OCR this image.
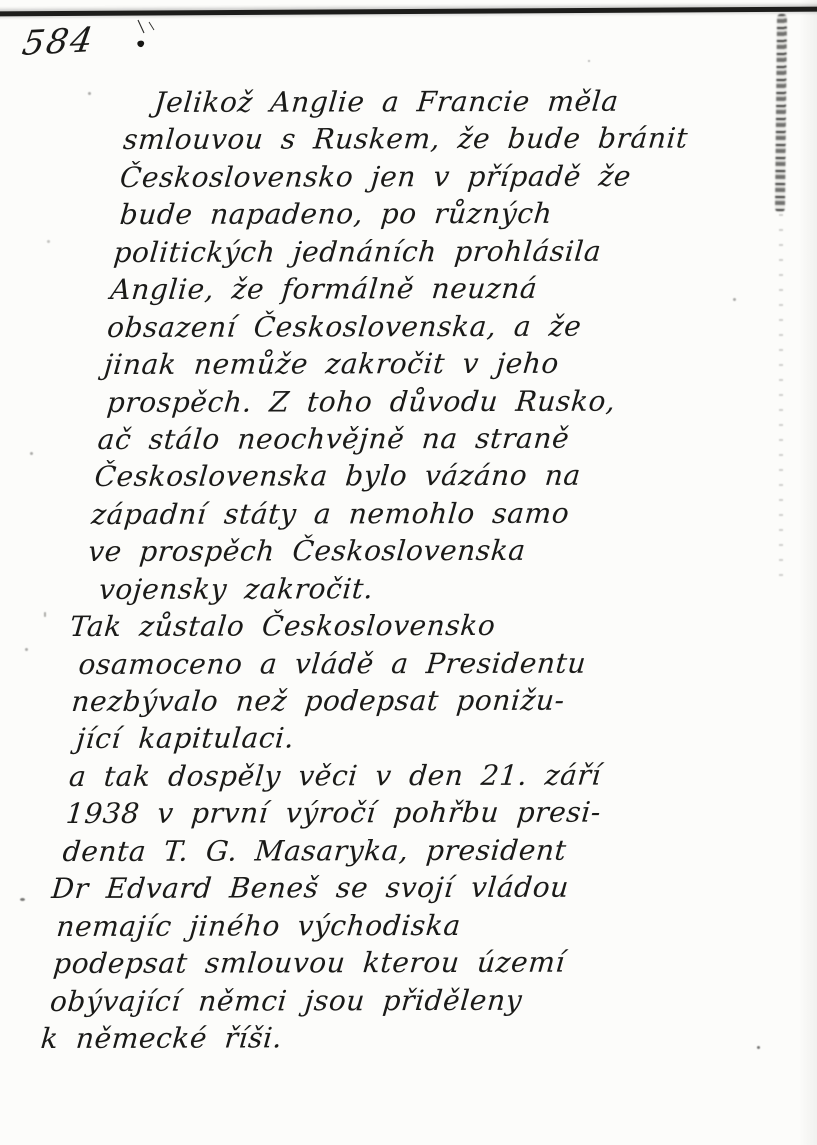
584
Jelikož Anglie a Francie měla
smlouvou s Ruskem, že bude bránit
Československo jen v případě že
bude napadeno, po různých
politických jednáních prohlásila
Anglie, že formálně neuzná
obsazení Československa, a že
jinak nemůže zakročit v jeho
prospěch. Z toho důvodu Rusko,
ač stálo neochvějně na straně
Československa bylo vázáno na
západní státy a nemohlo samo
ve prospěch Československa
vojensky zakročit.
Tak zůstalo Československo
osamoceno a vládě a Presidentu
nezbývalo než podepsat ponižu-
jící kapitulaci.
a tak dospěly věci v den 21. září
1938 v první výročí pohřbu presi-
denta T. G. Masaryka, president
Dr Edvard Beneš se svojí vládou
nemajíc jiného východiska
podepsat smlouvou kterou území
obývající němci jsou přiděleny
k německé říši.
